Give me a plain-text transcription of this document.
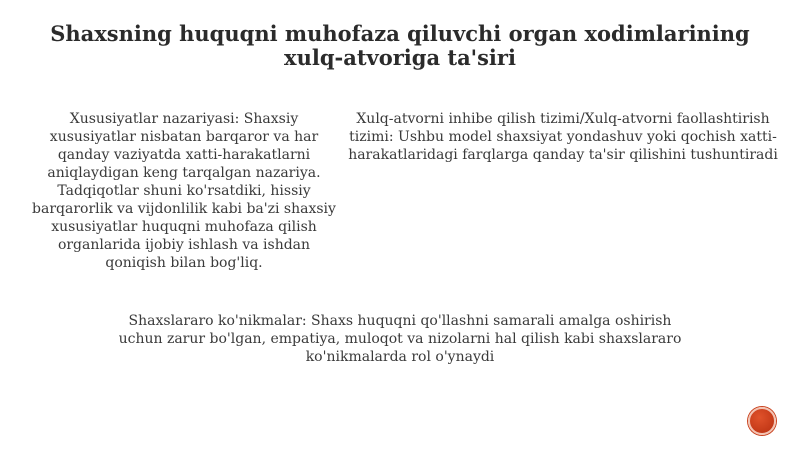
Shaxsning huquqni muhofaza qiluvchi organ xodimlarining xulq-atvoriga ta'siri
Xususiyatlar nazariyasi: Shaxsiy xususiyatlar nisbatan barqaror va har qanday vaziyatda xatti-harakatlarni aniqlaydigan keng tarqalgan nazariya. Tadqiqotlar shuni ko'rsatdiki, hissiy barqarorlik va vijdonlilik kabi ba'zi shaxsiy xususiyatlar huquqni muhofaza qilish organlarida ijobiy ishlash va ishdan qoniqish bilan bog'liq.
Xulq-atvorni inhibe qilish tizimi/Xulq-atvorni faollashtirish tizimi: Ushbu model shaxsiyat yondashuv yoki qochish xatti-harakatlaridagi farqlarga qanday ta'sir qilishini tushuntiradi
Shaxslararo ko'nikmalar: Shaxs huquqni qo'llashni samarali amalga oshirish uchun zarur bo'lgan, empatiya, muloqot va nizolarni hal qilish kabi shaxslararo ko'nikmalarda rol o'ynaydi
